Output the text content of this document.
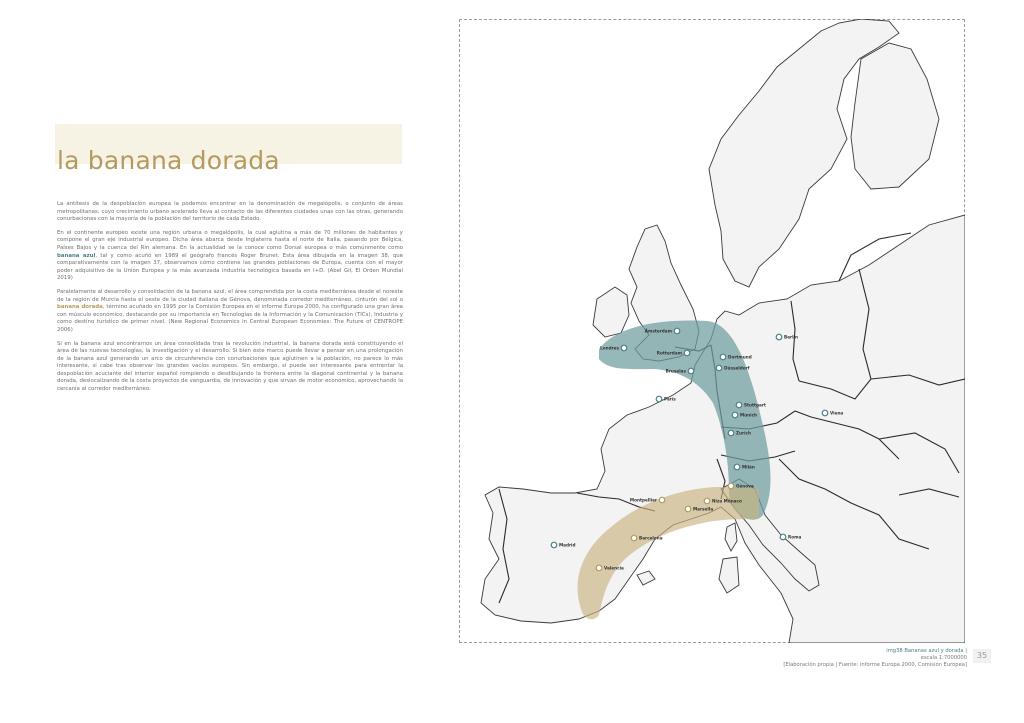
la banana dorada

La antítesis de la despoblación europea la podemos encontrar en la denominación de megalópolis, o conjunto de áreas metropolitanas, cuyo crecimiento urbano acelerado lleva al contacto de las diferentes ciudades unas con las otras, generando conurbaciones con la mayoría de la población del territorio de cada Estado.

En el continente europeo existe una región urbana o megalópolis, la cual aglutina a más de 70 millones de habitantes y compone el gran eje industrial europeo. Dicha área abarca desde Inglaterra hasta el norte de Italia, pasando por Bélgica, Países Bajos y la cuenca del Rin alemana. En la actualidad se la conoce como Dorsal europea o más comúnmente como banana azul, tal y como acuñó en 1989 el geógrafo francés Roger Brunet. Esta área dibujada en la imagen 38, que comparativamente con la imagen 37, observamos cómo contiene las grandes poblaciones de Europa, cuenta con el mayor poder adquisitivo de la Unión Europea y la más avanzada industria tecnológica basada en I+D. (Abel Gil, El Orden Mundial 2019)

Paralelamente al desarrollo y consolidación de la banana azul, el área comprendida por la costa mediterránea desde el noreste de la región de Murcia hasta el oeste de la ciudad italiana de Génova, denominada corredor mediterráneo, cinturón del sol o banana dorada, término acuñado en 1995 por la Comisión Europea en el informe Europa 2000, ha configurado una gran área con músculo económico, destacando por su importancia en Tecnologías de la Información y la Comunicación (TICs), Industria y como destino turístico de primer nivel. (New Regional Economics in Central European Economies: The Future of CENTROPE 2006)

Si en la banana azul encontramos un área consolidada tras la revolución industrial, la banana dorada está constituyendo el área de las nuevas tecnologías, la investigación y el desarrollo. Si bien este marco puede llevar a pensar en una prolongación de la banana azul generando un arco de circunferencia con conurbaciones que aglutinen a la población, no parece lo más interesante, si cabe tras observar los grandes vacíos europeos. Sin embargo, sí puede ser interesante para entrentar la despoblación acuciante del interior español rompiendo o desdibujando la frontera entre la diagonal continental y la banana dorada, deslocalizando de la costa proyectos de vanguardia, de innovación y que sirvan de motor económico, aprovechando la cercanía al corredor mediterráneo.

Ámsterdam
Londres
Rotterdam
Bruselas
Dortmund
Düsseldorf
Berlín
París
Stuttgart
Múnich	Viena
Zurich
Milán
Roma
Madrid
Génova
Montpellier
Marsella
Niza Mónaco
Barcelona
Valencia
img38 Bananas azul y dorada |
escala 1:7000000
[Elaboración propia | Fuente: informe Europa 2000, Comisión Europea]
35
